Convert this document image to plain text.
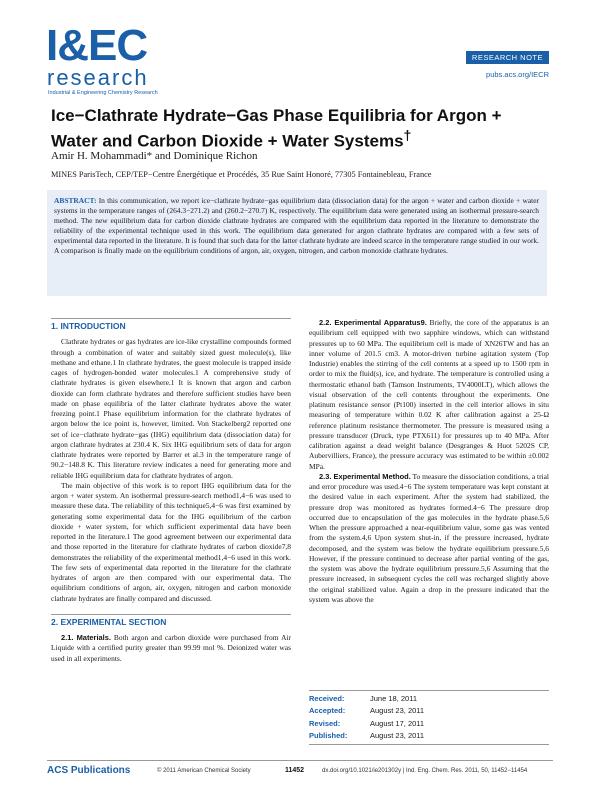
I&EC
research
Industrial & Engineering Chemistry Research
RESEARCH NOTE
pubs.acs.org/IECR
Ice−Clathrate Hydrate−Gas Phase Equilibria for Argon + Water and Carbon Dioxide + Water Systems†
Amir H. Mohammadi* and Dominique Richon
MINES ParisTech, CEP/TEP−Centre Énergétique et Procédés, 35 Rue Saint Honoré, 77305 Fontainebleau, France
ABSTRACT: In this communication, we report ice−clathrate hydrate−gas equilibrium data (dissociation data) for the argon + water and carbon dioxide + water systems in the temperature ranges of (264.3−271.2) and (260.2−270.7) K, respectively. The equilibrium data were generated using an isothermal pressure-search method. The new equilibrium data for carbon dioxide clathrate hydrates are compared with the equilibrium data reported in the literature to demonstrate the reliability of the experimental technique used in this work. The equilibrium data generated for argon clathrate hydrates are compared with a few sets of experimental data reported in the literature. It is found that such data for the latter clathrate hydrate are indeed scarce in the temperature range studied in our work. A comparison is finally made on the equilibrium conditions of argon, air, oxygen, nitrogen, and carbon monoxide clathrate hydrates.
1. INTRODUCTION

Clathrate hydrates or gas hydrates are ice-like crystalline compounds formed through a combination of water and suitably sized guest molecule(s), like methane and ethane.1 In clathrate hydrates, the guest molecule is trapped inside cages of hydrogen-bonded water molecules.1 A comprehensive study of clathrate hydrates is given elsewhere.1 It is known that argon and carbon dioxide can form clathrate hydrates and therefore sufficient studies have been made on phase equilibria of the latter clathrate hydrates above the water freezing point.1 Phase equilibrium information for the clathrate hydrates of argon below the ice point is, however, limited. Von Stackelberg2 reported one set of ice−clathrate hydrate−gas (IHG) equilibrium data (dissociation data) for argon clathrate hydrates at 230.4 K. Six IHG equilibrium sets of data for argon clathrate hydrates were reported by Barrer et al.3 in the temperature range of 90.2−148.8 K. This literature review indicates a need for generating more and reliable IHG equilibrium data for clathrate hydrates of argon.

The main objective of this work is to report IHG equilibrium data for the argon + water system. An isothermal pressure-search method1,4−6 was used to measure these data. The reliability of this technique5,4−6 was first examined by generating some experimental data for the IHG equilibrium of the carbon dioxide + water system, for which sufficient experimental data have been reported in the literature.1 The good agreement between our experimental data and those reported in the literature for clathrate hydrates of carbon dioxide7,8 demonstrates the reliability of the experimental method1,4−6 used in this work. The few sets of experimental data reported in the literature for the clathrate hydrates of argon are then compared with our experimental data. The equilibrium conditions of argon, air, oxygen, nitrogen and carbon monoxide clathrate hydrates are finally compared and discussed.

2. EXPERIMENTAL SECTION

2.1. Materials. Both argon and carbon dioxide were purchased from Air Liquide with a certified purity greater than 99.99 mol %. Deionized water was used in all experiments.

2.2. Experimental Apparatus9. Briefly, the core of the apparatus is an equilibrium cell equipped with two sapphire windows, which can withstand pressures up to 60 MPa. The equilibrium cell is made of XN26TW and has an inner volume of 201.5 cm3. A motor-driven turbine agitation system (Top Industrie) enables the stirring of the cell contents at a speed up to 1500 rpm in order to mix the fluid(s), ice, and hydrate. The temperature is controlled using a thermostatic ethanol bath (Tamson Instruments, TV4000LT), which allows the visual observation of the cell contents throughout the experiments. One platinum resistance sensor (Pt100) inserted in the cell interior allows in situ measuring of temperature within 0.02 K after calibration against a 25-Ω reference platinum resistance thermometer. The pressure is measured using a pressure transducer (Druck, type PTX611) for pressures up to 40 MPa. After calibration against a dead weight balance (Desgranges & Huot 5202S CP, Aubervilliers, France), the pressure accuracy was estimated to be within ±0.002 MPa.

2.3. Experimental Method. To measure the dissociation conditions, a trial and error procedure was used.4−6 The system temperature was kept constant at the desired value in each experiment. After the system had stabilized, the pressure drop was monitored as hydrates formed.4−6 The pressure drop occurred due to encapsulation of the gas molecules in the hydrate phase.5,6 When the pressure approached a near-equilibrium value, some gas was vented from the system.4,6 Upon system shut-in, if the pressure increased, hydrate decomposed, and the system was below the hydrate equilibrium pressure.5,6 However, if the pressure continued to decrease after partial venting of the gas, the system was above the hydrate equilibrium pressure.5,6 Assuming that the pressure increased, in subsequent cycles the cell was recharged slightly above the original stabilized value. Again a drop in the pressure indicated that the system was above the

Received:	June 18, 2011
Accepted:	August 23, 2011
Revised:	August 17, 2011
Published:	August 23, 2011
ACS Publications	© 2011 American Chemical Society	11452	dx.doi.org/10.1021/ie201302y | Ind. Eng. Chem. Res. 2011, 50, 11452−11454
